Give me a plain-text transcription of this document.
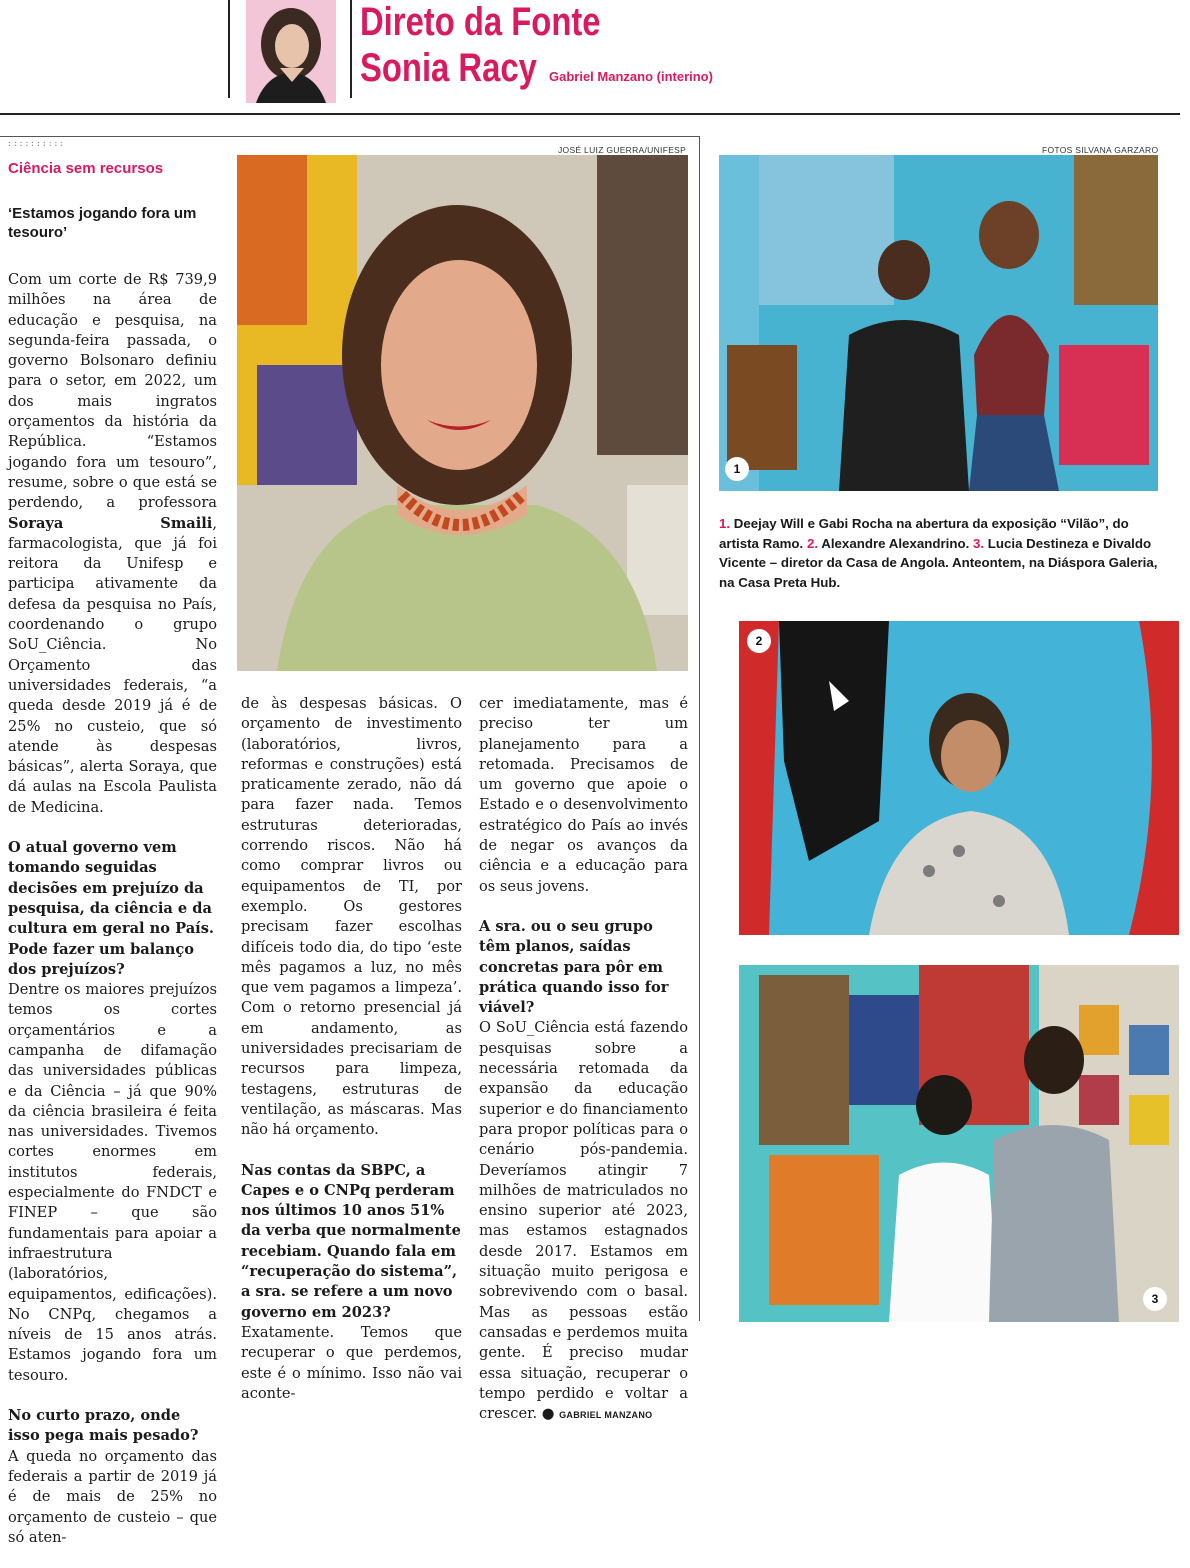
Direto da Fonte
Sonia Racy Gabriel Manzano (interino)
::::::::::
JOSÉ LUIZ GUERRA/UNIFESP
Ciência sem recursos
‘Estamos jogando fora um tesouro’

Com um corte de R$ 739,9 milhões na área de educação e pesquisa, na segunda-feira passada, o governo Bolsonaro definiu para o setor, em 2022, um dos mais ingratos orçamentos da história da República. “Estamos jogando fora um tesouro”, resume, sobre o que está se perdendo, a professora Soraya Smaili, farmacologista, que já foi reitora da Unifesp e participa ativamente da defesa da pesquisa no País, coordenando o grupo SoU_Ciência. No Orçamento das universidades federais, “a queda desde 2019 já é de 25% no custeio, que só atende às despesas básicas”, alerta Soraya, que dá aulas na Escola Paulista de Medicina.

O atual governo vem tomando seguidas decisões em prejuízo da pesquisa, da ciência e da cultura em geral no País. Pode fazer um balanço dos prejuízos?
Dentre os maiores prejuízos temos os cortes orçamentários e a campanha de difamação das universidades públicas e da Ciência – já que 90% da ciência brasileira é feita nas universidades. Tivemos cortes enormes em institutos federais, especialmente do FNDCT e FINEP – que são fundamentais para apoiar a infraestrutura (laboratórios, equipamentos, edificações). No CNPq, chegamos a níveis de 15 anos atrás. Estamos jogando fora um tesouro.

No curto prazo, onde isso pega mais pesado?
A queda no orçamento das federais a partir de 2019 já é de mais de 25% no orçamento de custeio – que só aten-

de às despesas básicas. O orçamento de investimento (laboratórios, livros, reformas e construções) está praticamente zerado, não dá para fazer nada. Temos estruturas deterioradas, correndo riscos. Não há como comprar livros ou equipamentos de TI, por exemplo. Os gestores precisam fazer escolhas difíceis todo dia, do tipo ‘este mês pagamos a luz, no mês que vem pagamos a limpeza’. Com o retorno presencial já em andamento, as universidades precisariam de recursos para limpeza, testagens, estruturas de ventilação, as máscaras. Mas não há orçamento.

Nas contas da SBPC, a Capes e o CNPq perderam nos últimos 10 anos 51% da verba que normalmente recebiam. Quando fala em “recuperação do sistema”, a sra. se refere a um novo governo em 2023?
Exatamente. Temos que recuperar o que perdemos, este é o mínimo. Isso não vai aconte-

cer imediatamente, mas é preciso ter um planejamento para a retomada. Precisamos de um governo que apoie o Estado e o desenvolvimento estratégico do País ao invés de negar os avanços da ciência e a educação para os seus jovens.

A sra. ou o seu grupo têm planos, saídas concretas para pôr em prática quando isso for viável?
O SoU_Ciência está fazendo pesquisas sobre a necessária retomada da expansão da educação superior e do financiamento para propor políticas para o cenário pós-pandemia. Deveríamos atingir 7 milhões de matriculados no ensino superior até 2023, mas estamos estagnados desde 2017. Estamos em situação muito perigosa e sobrevivendo com o basal. Mas as pessoas estão cansadas e perdemos muita gente. É preciso mudar essa situação, recuperar o tempo perdido e voltar a crescer. ● GABRIEL MANZANO

FOTOS SILVANA GARZARO
1
1. Deejay Will e Gabi Rocha na abertura da exposição “Vilão”, do artista Ramo. 2. Alexandre Alexandrino. 3. Lucia Destineza e Divaldo Vicente – diretor da Casa de Angola. Anteontem, na Diáspora Galeria, na Casa Preta Hub.
2
3
